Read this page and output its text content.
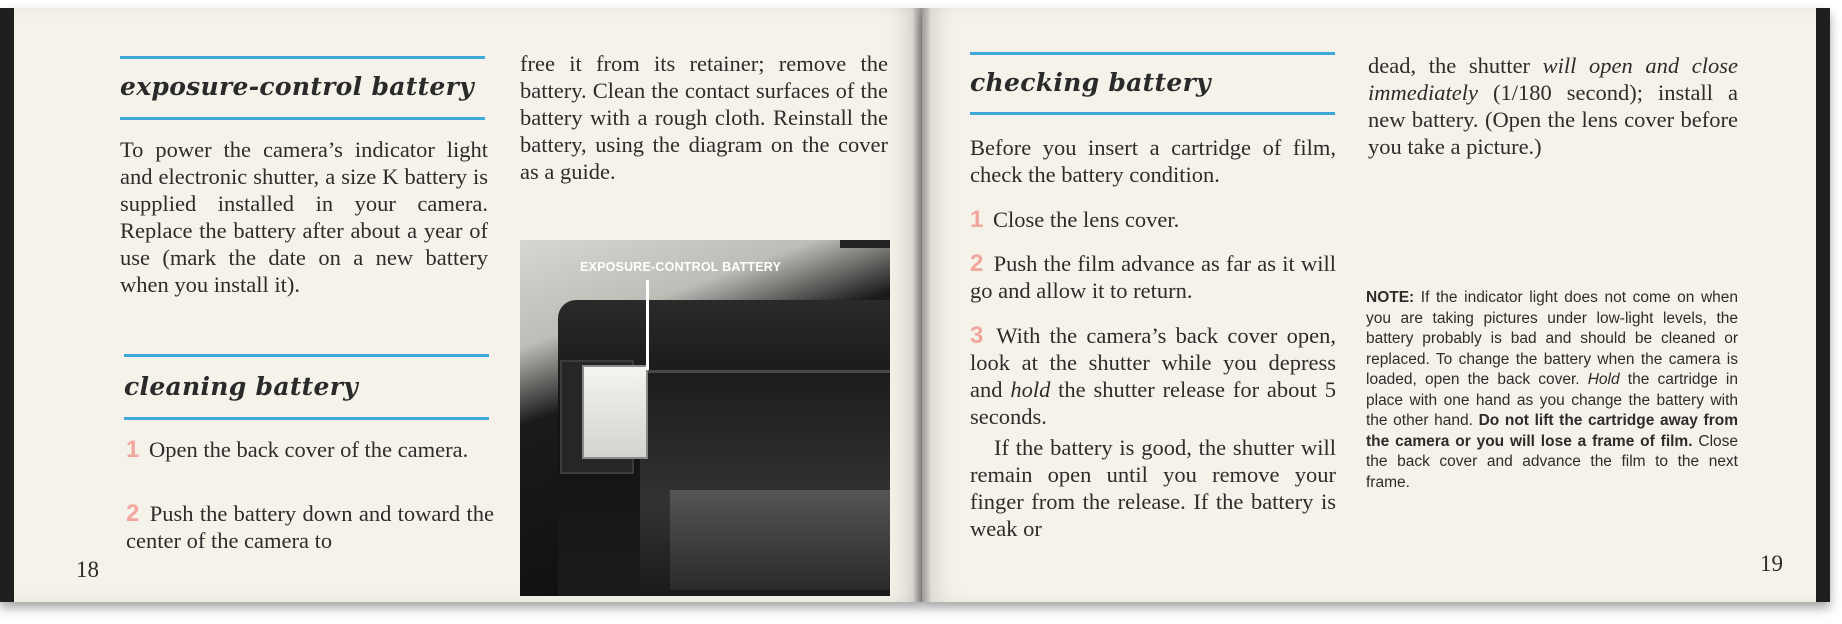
exposure-control battery

To power the camera’s indicator light and electronic shutter, a size K battery is supplied installed in your camera. Replace the battery after about a year of use (mark the date on a new battery when you install it).

cleaning battery

1 Open the back cover of the camera.

2 Push the battery down and toward the center of the camera to

18

free it from its retainer; remove the battery. Clean the contact surfaces of the battery with a rough cloth. Reinstall the battery, using the diagram on the cover as a guide.

EXPOSURE-CONTROL BATTERY
checking battery

Before you insert a cartridge of film, check the battery condition.

1 Close the lens cover.

2 Push the film advance as far as it will go and allow it to return.

3 With the camera’s back cover open, look at the shutter while you depress and hold the shutter release for about 5 seconds.

If the battery is good, the shutter will remain open until you remove your finger from the release. If the battery is weak or

dead, the shutter will open and close immediately (1/180 second); install a new battery. (Open the lens cover before you take a picture.)

NOTE: If the indicator light does not come on when you are taking pictures under low-light levels, the battery probably is bad and should be cleaned or replaced. To change the battery when the camera is loaded, open the back cover. Hold the cartridge in place with one hand as you change the battery with the other hand. Do not lift the cartridge away from the camera or you will lose a frame of film. Close the back cover and advance the film to the next frame.

19
